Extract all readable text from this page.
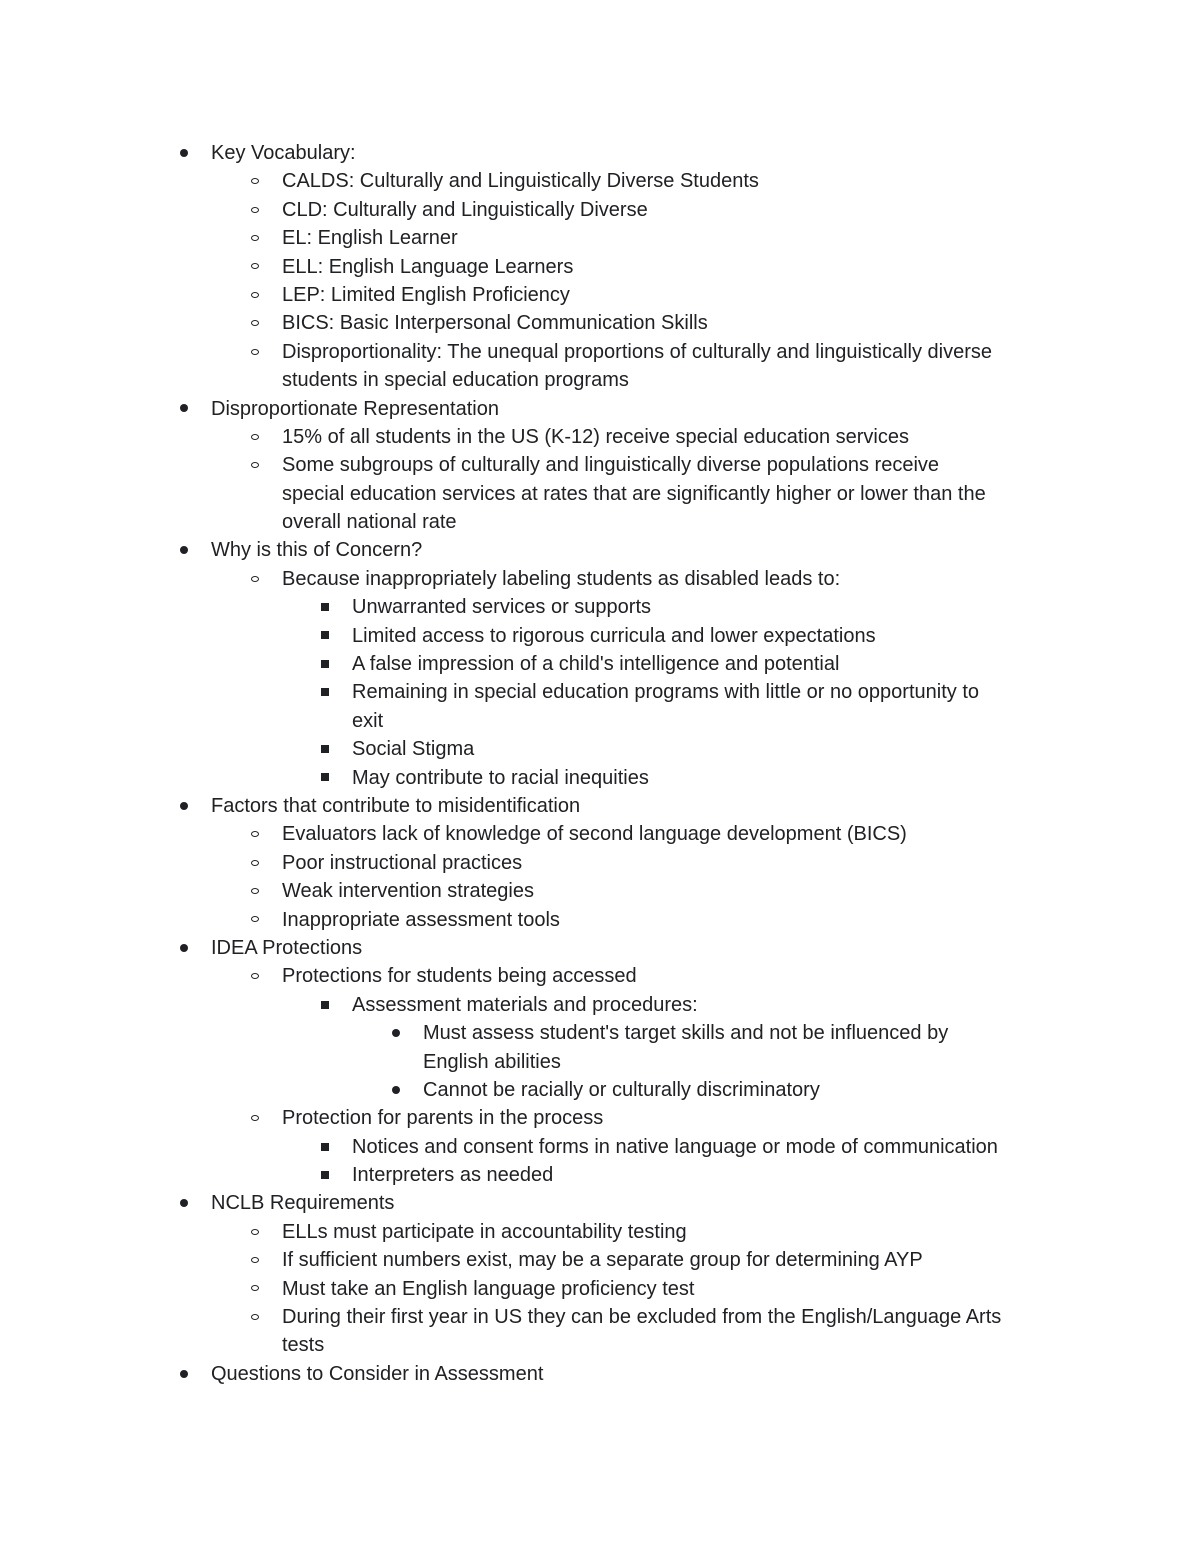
Key Vocabulary:
CALDS: Culturally and Linguistically Diverse Students
CLD: Culturally and Linguistically Diverse
EL: English Learner
ELL: English Language Learners
LEP: Limited English Proficiency
BICS: Basic Interpersonal Communication Skills
Disproportionality: The unequal proportions of culturally and linguistically diverse
students in special education programs
Disproportionate Representation
15% of all students in the US (K-12) receive special education services
Some subgroups of culturally and linguistically diverse populations receive
special education services at rates that are significantly higher or lower than the
overall national rate
Why is this of Concern?
Because inappropriately labeling students as disabled leads to:
Unwarranted services or supports
Limited access to rigorous curricula and lower expectations
A false impression of a child's intelligence and potential
Remaining in special education programs with little or no opportunity to
exit
Social Stigma
May contribute to racial inequities
Factors that contribute to misidentification
Evaluators lack of knowledge of second language development (BICS)
Poor instructional practices
Weak intervention strategies
Inappropriate assessment tools
IDEA Protections
Protections for students being accessed
Assessment materials and procedures:
Must assess student's target skills and not be influenced by
English abilities
Cannot be racially or culturally discriminatory
Protection for parents in the process
Notices and consent forms in native language or mode of communication
Interpreters as needed
NCLB Requirements
ELLs must participate in accountability testing
If sufficient numbers exist, may be a separate group for determining AYP
Must take an English language proficiency test
During their first year in US they can be excluded from the English/Language Arts
tests
Questions to Consider in Assessment
